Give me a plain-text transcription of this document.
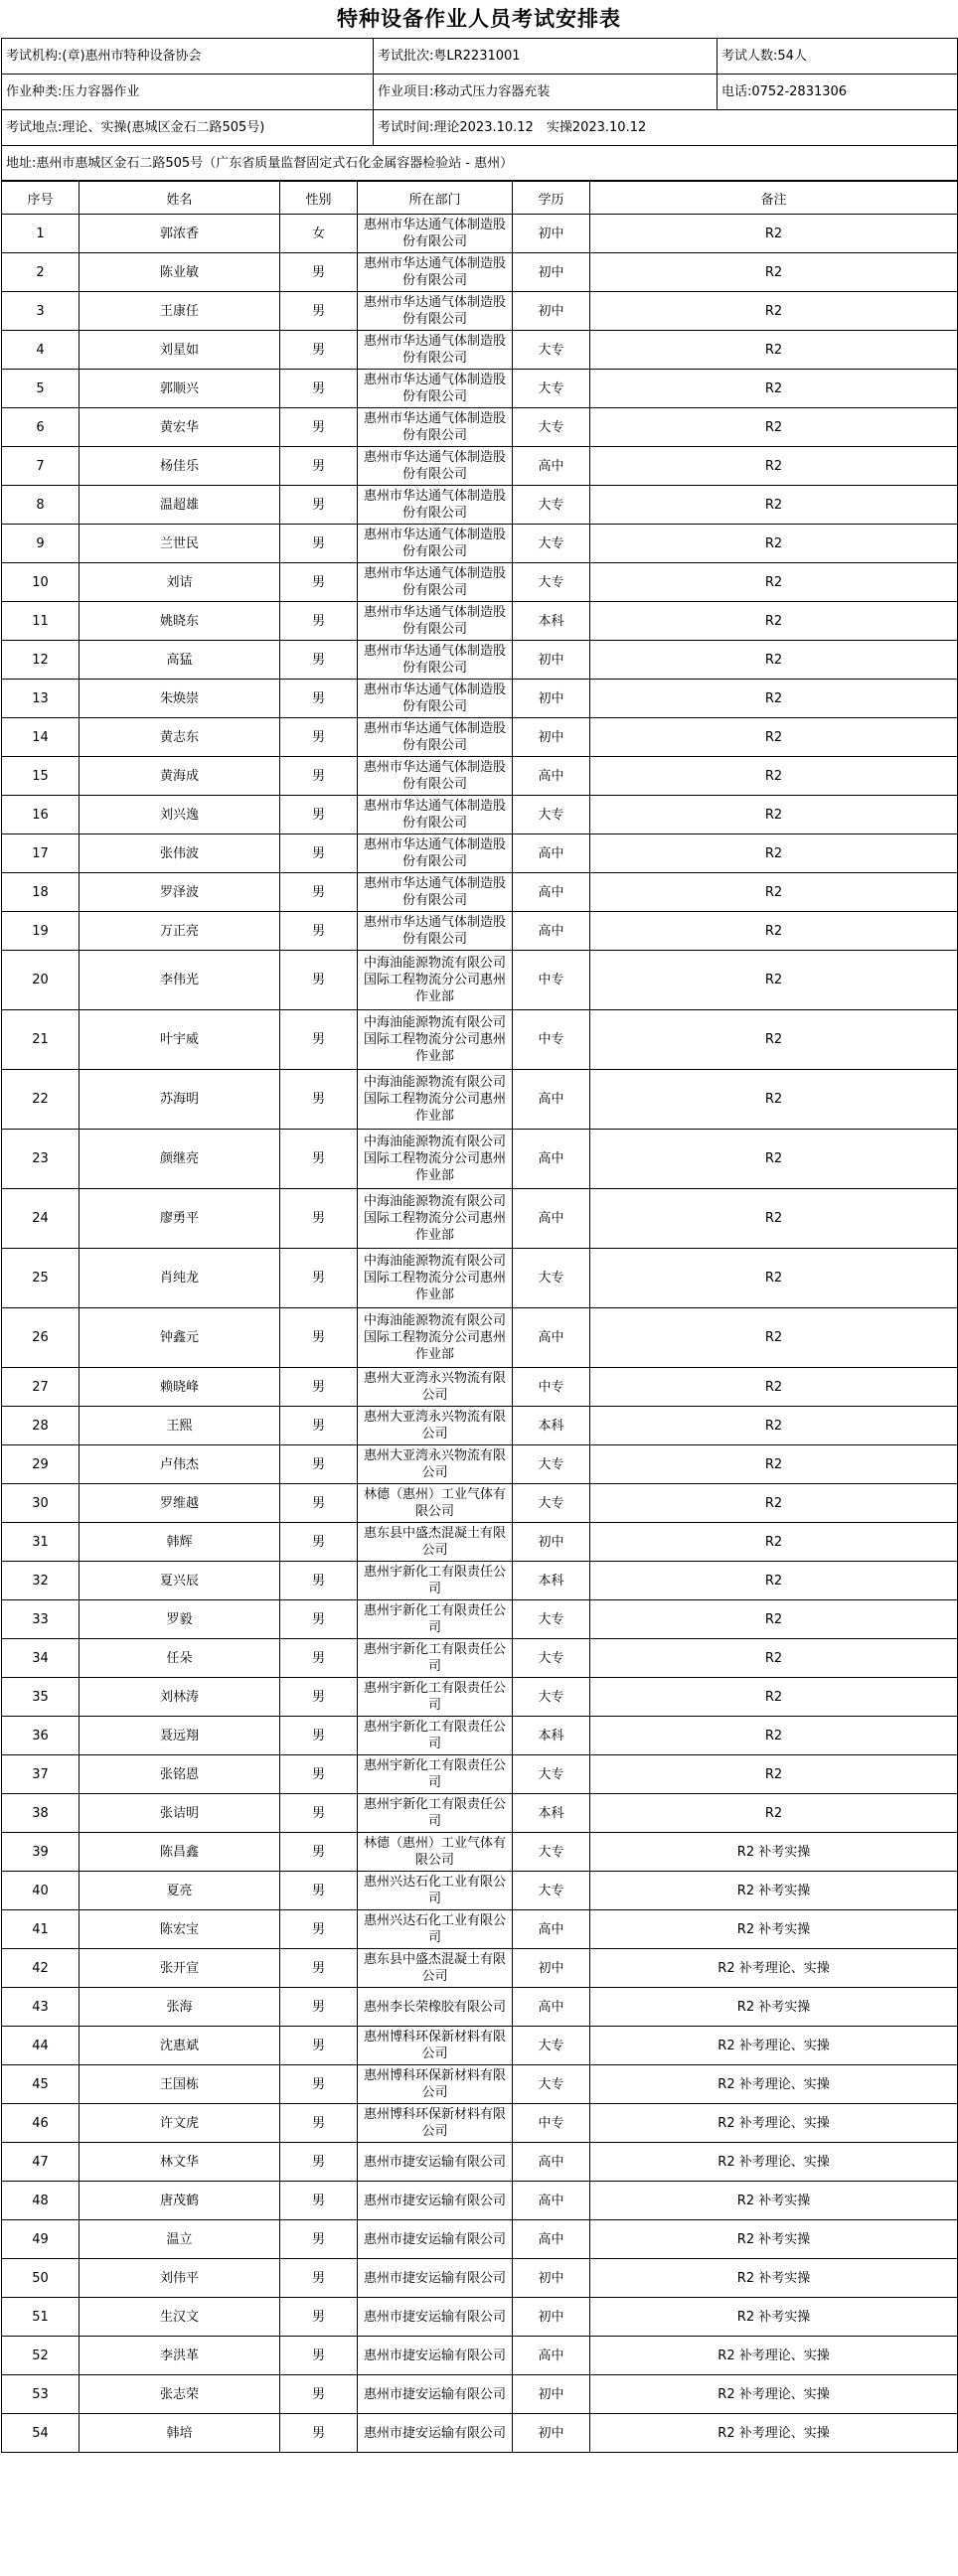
特种设备作业人员考试安排表
考试机构:(章)惠州市特种设备协会	考试批次:粤LR2231001	考试人数:54人
作业种类:压力容器作业	作业项目:移动式压力容器充装	电话:0752-2831306
考试地点:理论、实操(惠城区金石二路505号)	考试时间:理论2023.10.12　实操2023.10.12	
地址:惠州市惠城区金石二路505号（广东省质量监督固定式石化金属容器检验站 - 惠州）		
序号	姓名	性别	所在部门	学历	备注
1	郭浓香	女	惠州市华达通气体制造股份有限公司	初中	R2
2	陈业敏	男	惠州市华达通气体制造股份有限公司	初中	R2
3	王康任	男	惠州市华达通气体制造股份有限公司	初中	R2
4	刘星如	男	惠州市华达通气体制造股份有限公司	大专	R2
5	郭顺兴	男	惠州市华达通气体制造股份有限公司	大专	R2
6	黄宏华	男	惠州市华达通气体制造股份有限公司	大专	R2
7	杨佳乐	男	惠州市华达通气体制造股份有限公司	高中	R2
8	温超雄	男	惠州市华达通气体制造股份有限公司	大专	R2
9	兰世民	男	惠州市华达通气体制造股份有限公司	大专	R2
10	刘诘	男	惠州市华达通气体制造股份有限公司	大专	R2
11	姚晓东	男	惠州市华达通气体制造股份有限公司	本科	R2
12	高猛	男	惠州市华达通气体制造股份有限公司	初中	R2
13	朱焕崇	男	惠州市华达通气体制造股份有限公司	初中	R2
14	黄志东	男	惠州市华达通气体制造股份有限公司	初中	R2
15	黄海成	男	惠州市华达通气体制造股份有限公司	高中	R2
16	刘兴逸	男	惠州市华达通气体制造股份有限公司	大专	R2
17	张伟波	男	惠州市华达通气体制造股份有限公司	高中	R2
18	罗泽波	男	惠州市华达通气体制造股份有限公司	高中	R2
19	万正亮	男	惠州市华达通气体制造股份有限公司	高中	R2
20	李伟光	男	中海油能源物流有限公司国际工程物流分公司惠州作业部	中专	R2
21	叶宇威	男	中海油能源物流有限公司国际工程物流分公司惠州作业部	中专	R2
22	苏海明	男	中海油能源物流有限公司国际工程物流分公司惠州作业部	高中	R2
23	颜继亮	男	中海油能源物流有限公司国际工程物流分公司惠州作业部	高中	R2
24	廖勇平	男	中海油能源物流有限公司国际工程物流分公司惠州作业部	高中	R2
25	肖纯龙	男	中海油能源物流有限公司国际工程物流分公司惠州作业部	大专	R2
26	钟鑫元	男	中海油能源物流有限公司国际工程物流分公司惠州作业部	高中	R2
27	赖晓峰	男	惠州大亚湾永兴物流有限公司	中专	R2
28	王熙	男	惠州大亚湾永兴物流有限公司	本科	R2
29	卢伟杰	男	惠州大亚湾永兴物流有限公司	大专	R2
30	罗维越	男	林德（惠州）工业气体有限公司	大专	R2
31	韩辉	男	惠东县中盛杰混凝土有限公司	初中	R2
32	夏兴辰	男	惠州宇新化工有限责任公司	本科	R2
33	罗毅	男	惠州宇新化工有限责任公司	大专	R2
34	任朵	男	惠州宇新化工有限责任公司	大专	R2
35	刘林涛	男	惠州宇新化工有限责任公司	大专	R2
36	聂远翔	男	惠州宇新化工有限责任公司	本科	R2
37	张铭恩	男	惠州宇新化工有限责任公司	大专	R2
38	张诘明	男	惠州宇新化工有限责任公司	本科	R2
39	陈昌鑫	男	林德（惠州）工业气体有限公司	大专	R2 补考实操
40	夏亮	男	惠州兴达石化工业有限公司	大专	R2 补考实操
41	陈宏宝	男	惠州兴达石化工业有限公司	高中	R2 补考实操
42	张开宣	男	惠东县中盛杰混凝土有限公司	初中	R2 补考理论、实操
43	张海	男	惠州李长荣橡胶有限公司	高中	R2 补考实操
44	沈惠斌	男	惠州博科环保新材料有限公司	大专	R2 补考理论、实操
45	王国栋	男	惠州博科环保新材料有限公司	大专	R2 补考理论、实操
46	许文虎	男	惠州博科环保新材料有限公司	中专	R2 补考理论、实操
47	林文华	男	惠州市捷安运输有限公司	高中	R2 补考理论、实操
48	唐茂鹤	男	惠州市捷安运输有限公司	高中	R2 补考实操
49	温立	男	惠州市捷安运输有限公司	高中	R2 补考实操
50	刘伟平	男	惠州市捷安运输有限公司	初中	R2 补考实操
51	生汉文	男	惠州市捷安运输有限公司	初中	R2 补考实操
52	李洪革	男	惠州市捷安运输有限公司	高中	R2 补考理论、实操
53	张志荣	男	惠州市捷安运输有限公司	初中	R2 补考理论、实操
54	韩培	男	惠州市捷安运输有限公司	初中	R2 补考理论、实操
